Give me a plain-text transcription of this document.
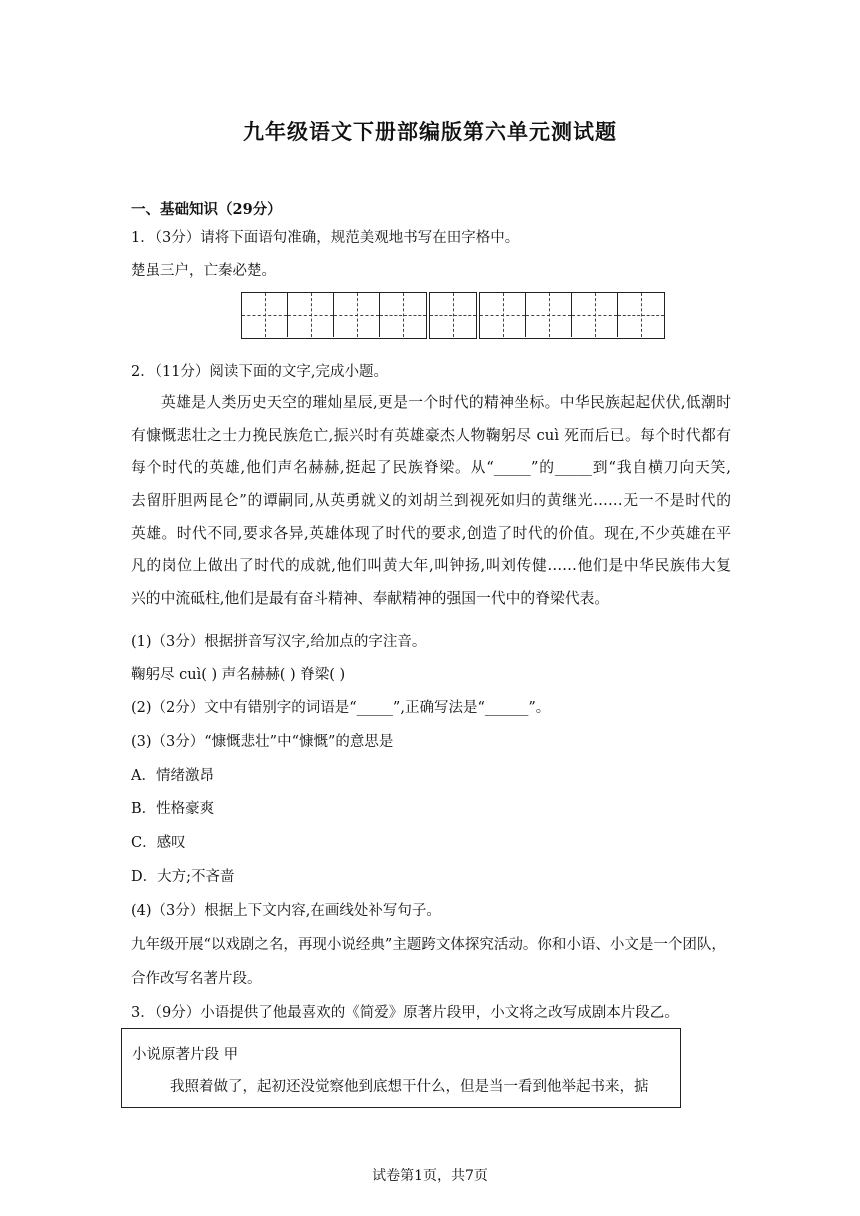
九年级语文下册部编版第六单元测试题
一、基础知识（29分）
1．（3分）请将下面语句准确，规范美观地书写在田字格中。
楚虽三户，亡秦必楚。
2．（11分）阅读下面的文字,完成小题。
英雄是人类历史天空的璀灿星辰,更是一个时代的精神坐标。中华民族起起伏伏,低潮时
有慷慨悲壮之士力挽民族危亡,振兴时有英雄豪杰人物鞠躬尽 cuì 死而后已。每个时代都有
每个时代的英雄,他们声名赫赫,挺起了民族脊梁。从“_____”的_____到“我自横刀向天笑,
去留肝胆两昆仑”的谭嗣同,从英勇就义的刘胡兰到视死如归的黄继光……无一不是时代的
英雄。时代不同,要求各异,英雄体现了时代的要求,创造了时代的价值。现在,不少英雄在平
凡的岗位上做出了时代的成就,他们叫黄大年,叫钟扬,叫刘传健……他们是中华民族伟大复
兴的中流砥柱,他们是最有奋斗精神、奉献精神的强国一代中的脊梁代表。
(1)（3分）根据拼音写汉字,给加点的字注音。
鞠躬尽 cuì( ) 声名赫赫( ) 脊梁( )
(2)（2分）文中有错别字的词语是“_____”,正确写法是“______”。
(3)（3分）“慷慨悲壮”中“慷慨”的意思是
A．情绪激昂
B．性格豪爽
C．感叹
D．大方;不吝啬
(4)（3分）根据上下文内容,在画线处补写句子。
九年级开展“以戏剧之名，再现小说经典”主题跨文体探究活动。你和小语、小文是一个团队，
合作改写名著片段。
3．（9分）小语提供了他最喜欢的《简爱》原著片段甲，小文将之改写成剧本片段乙。
小说原著片段 甲
我照着做了，起初还没觉察他到底想干什么，但是当一看到他举起书来，掂
试卷第1页，共7页
